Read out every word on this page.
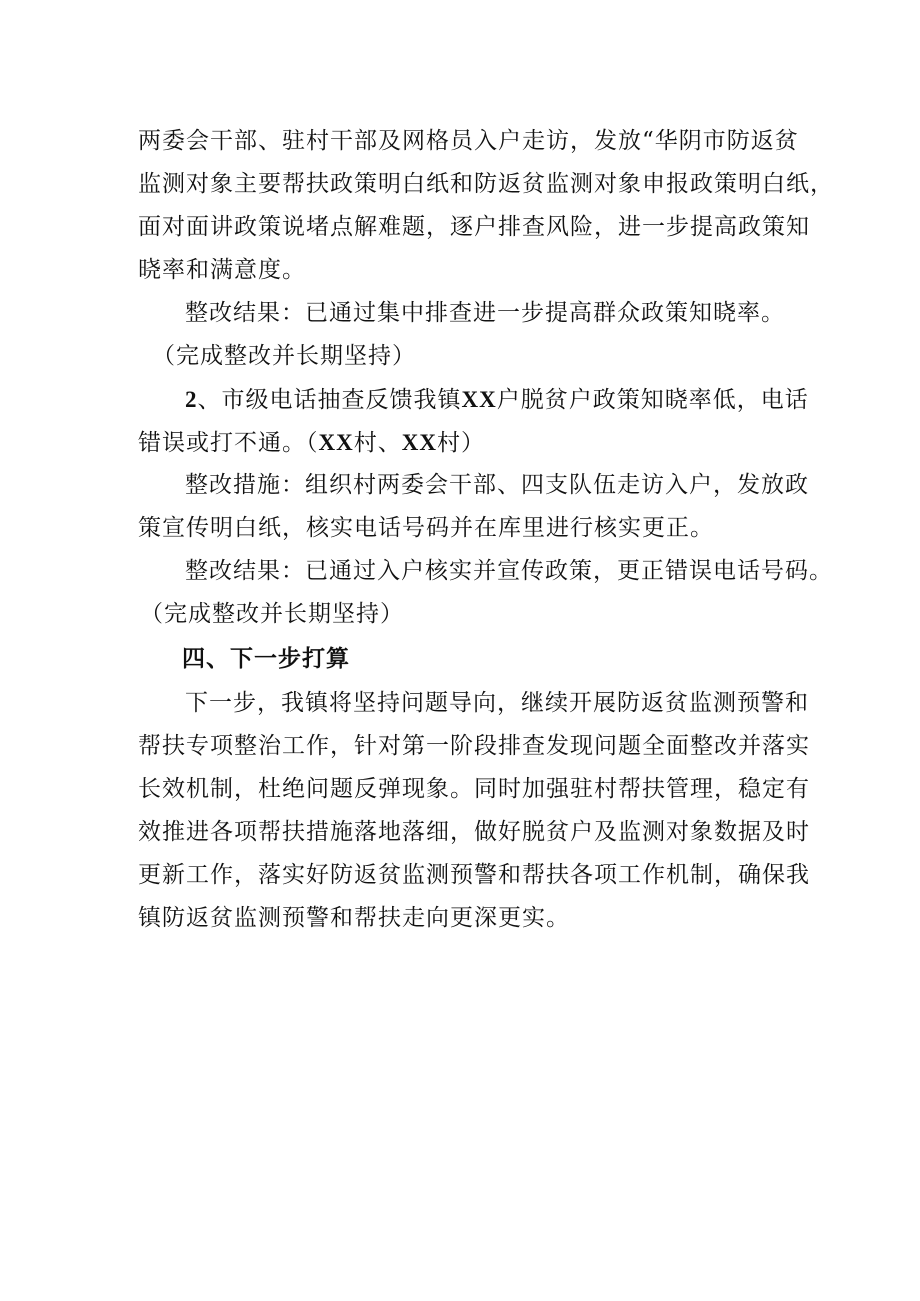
两委会干部、驻村干部及网格员入户走访，发放“华阴市防返贫
监测对象主要帮扶政策明白纸和防返贫监测对象申报政策明白纸，
面对面讲政策说堵点解难题，逐户排查风险，进一步提高政策知
晓率和满意度。
整改结果：已通过集中排查进一步提高群众政策知晓率。
（完成整改并长期坚持）
2、市级电话抽查反馈我镇XX户脱贫户政策知晓率低，电话
错误或打不通。（XX村、XX村）
整改措施：组织村两委会干部、四支队伍走访入户，发放政
策宣传明白纸，核实电话号码并在库里进行核实更正。
整改结果：已通过入户核实并宣传政策，更正错误电话号码。
（完成整改并长期坚持）
四、下一步打算
下一步，我镇将坚持问题导向，继续开展防返贫监测预警和
帮扶专项整治工作，针对第一阶段排查发现问题全面整改并落实
长效机制，杜绝问题反弹现象。同时加强驻村帮扶管理，稳定有
效推进各项帮扶措施落地落细，做好脱贫户及监测对象数据及时
更新工作，落实好防返贫监测预警和帮扶各项工作机制，确保我
镇防返贫监测预警和帮扶走向更深更实。
